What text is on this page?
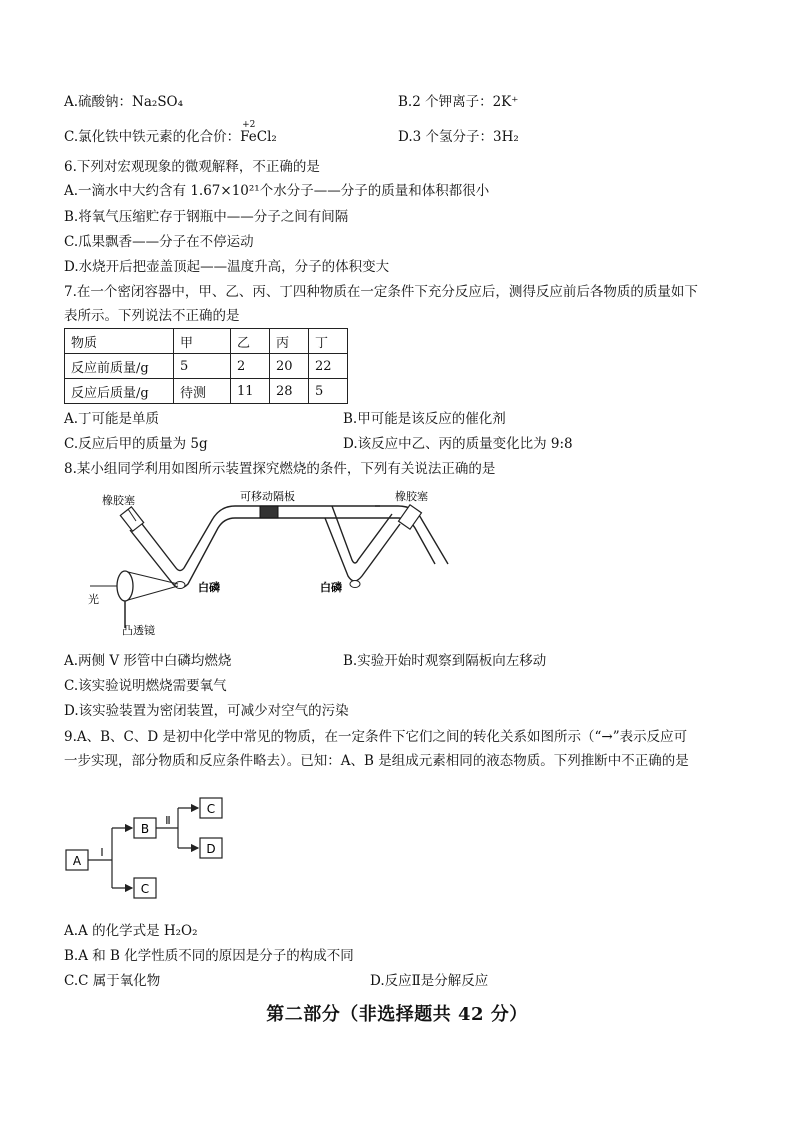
A.硫酸钠：Na₂SO₄	B.2 个钾离子：2K⁺
C.氯化铁中铁元素的化合价：
+2
FeCl₂	D.3 个氢分子：3H₂
6.下列对宏观现象的微观解释，不正确的是
A.一滴水中大约含有 1.67×10²¹个水分子——分子的质量和体积都很小
B.将氧气压缩贮存于钢瓶中——分子之间有间隔
C.瓜果飘香——分子在不停运动
D.水烧开后把壶盖顶起——温度升高，分子的体积变大
7.在一个密闭容器中，甲、乙、丙、丁四种物质在一定条件下充分反应后，测得反应前后各物质的质量如下
表所示。下列说法不正确的是
物质	甲	乙	丙	丁
反应前质量/g	5	2	20	22
反应后质量/g	待测	11	28	5
A.丁可能是单质	B.甲可能是该反应的催化剂
C.反应后甲的质量为 5g	D.该反应中乙、丙的质量变化比为 9:8
8.某小组同学利用如图所示装置探究燃烧的条件，下列有关说法正确的是
橡胶塞	可移动隔板	橡胶塞
光
白磷	白磷
凸透镜
A.两侧 V 形管中白磷均燃烧	B.实验开始时观察到隔板向左移动
C.该实验说明燃烧需要氧气
D.该实验装置为密闭装置，可减少对空气的污染
9.A、B、C、D 是初中化学中常见的物质，在一定条件下它们之间的转化关系如图所示（“→”表示反应可
一步实现，部分物质和反应条件略去）。已知：A、B 是组成元素相同的液态物质。下列推断中不正确的是
A
B
C
C
D
I
Ⅱ
A.A 的化学式是 H₂O₂
B.A 和 B 化学性质不同的原因是分子的构成不同
C.C 属于氧化物	D.反应Ⅱ是分解反应
第二部分（非选择题共 42 分）
